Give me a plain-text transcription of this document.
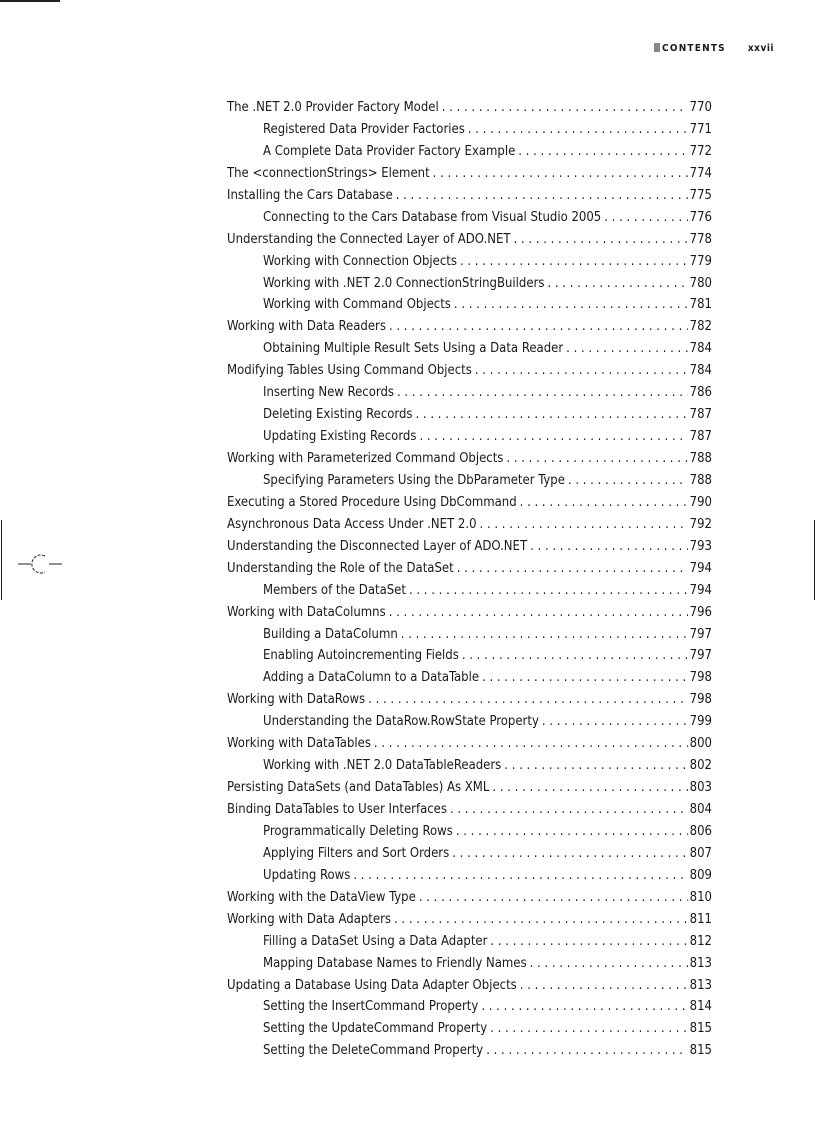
CONTENTS xxvii
The .NET 2.0 Provider Factory Model . . .	770
Registered Data Provider Factories . . .	771
A Complete Data Provider Factory Example . . .	772
The <connectionStrings> Element . . .	774
Installing the Cars Database . . .	775
Connecting to the Cars Database from Visual Studio 2005 . . .	776
Understanding the Connected Layer of ADO.NET . . .	778
Working with Connection Objects . . .	779
Working with .NET 2.0 ConnectionStringBuilders . . .	780
Working with Command Objects . . .	781
Working with Data Readers . . .	782
Obtaining Multiple Result Sets Using a Data Reader . . .	784
Modifying Tables Using Command Objects . . .	784
Inserting New Records . . .	786
Deleting Existing Records . . .	787
Updating Existing Records . . .	787
Working with Parameterized Command Objects . . .	788
Specifying Parameters Using the DbParameter Type . . .	788
Executing a Stored Procedure Using DbCommand . . .	790
Asynchronous Data Access Under .NET 2.0 . . .	792
Understanding the Disconnected Layer of ADO.NET . . .	793
Understanding the Role of the DataSet . . .	794
Members of the DataSet . . .	794
Working with DataColumns . . .	796
Building a DataColumn . . .	797
Enabling Autoincrementing Fields . . .	797
Adding a DataColumn to a DataTable . . .	798
Working with DataRows . . .	798
Understanding the DataRow.RowState Property . . .	799
Working with DataTables . . .	800
Working with .NET 2.0 DataTableReaders . . .	802
Persisting DataSets (and DataTables) As XML . . .	803
Binding DataTables to User Interfaces . . .	804
Programmatically Deleting Rows . . .	806
Applying Filters and Sort Orders . . .	807
Updating Rows . . .	809
Working with the DataView Type . . .	810
Working with Data Adapters . . .	811
Filling a DataSet Using a Data Adapter . . .	812
Mapping Database Names to Friendly Names . . .	813
Updating a Database Using Data Adapter Objects . . .	813
Setting the InsertCommand Property . . .	814
Setting the UpdateCommand Property . . .	815
Setting the DeleteCommand Property . . .	815
